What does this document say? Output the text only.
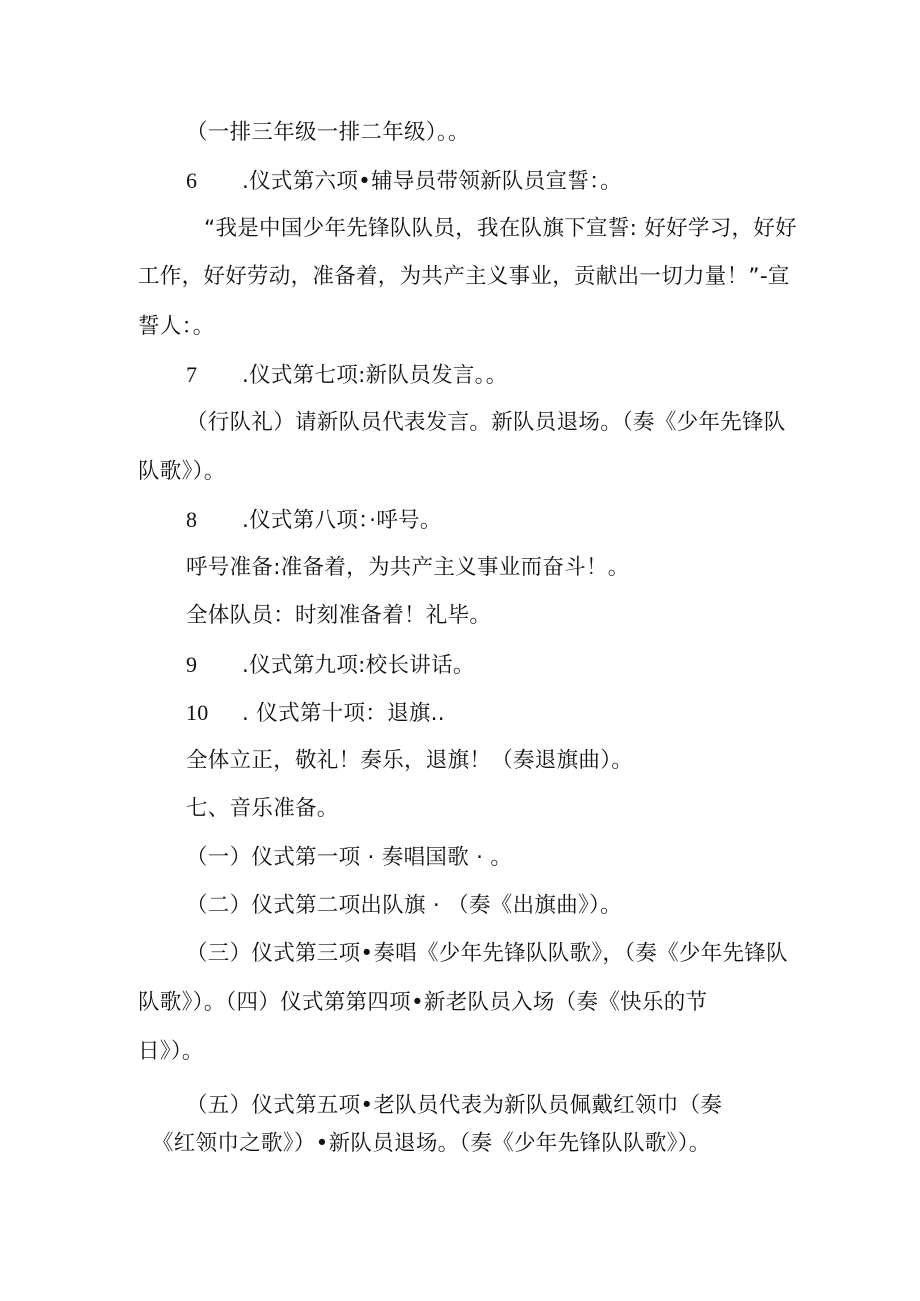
（一排三年级一排二年级）。。
6 .仪式第六项•辅导员带领新队员宣誓：。
“我是中国少年先锋队队员，我在队旗下宣誓: 好好学习，好好
工作，好好劳动，准备着，为共产主义事业，贡献出一切力量！”-宣
誓人：。
7 .仪式第七项:新队员发言。。
（行队礼）请新队员代表发言。新队员退场。（奏《少年先锋队
队歌》）。
8 .仪式第八项：·呼号。
呼号准备:准备着，为共产主义事业而奋斗！。
全体队员：时刻准备着！礼毕。
9 .仪式第九项:校长讲话。
10 . 仪式第十项：退旗..
全体立正，敬礼！奏乐，退旗！（奏退旗曲）。
七、音乐准备。
（一）仪式第一项 · 奏唱国歌 · 。
（二）仪式第二项出队旗 · （奏《出旗曲》）。
（三）仪式第三项•奏唱《少年先锋队队歌》，（奏《少年先锋队
队歌》）。（四）仪式第第四项•新老队员入场（奏《快乐的节
日》）。
（五）仪式第五项•老队员代表为新队员佩戴红领巾（奏
《红领巾之歌》）•新队员退场。（奏《少年先锋队队歌》）。
